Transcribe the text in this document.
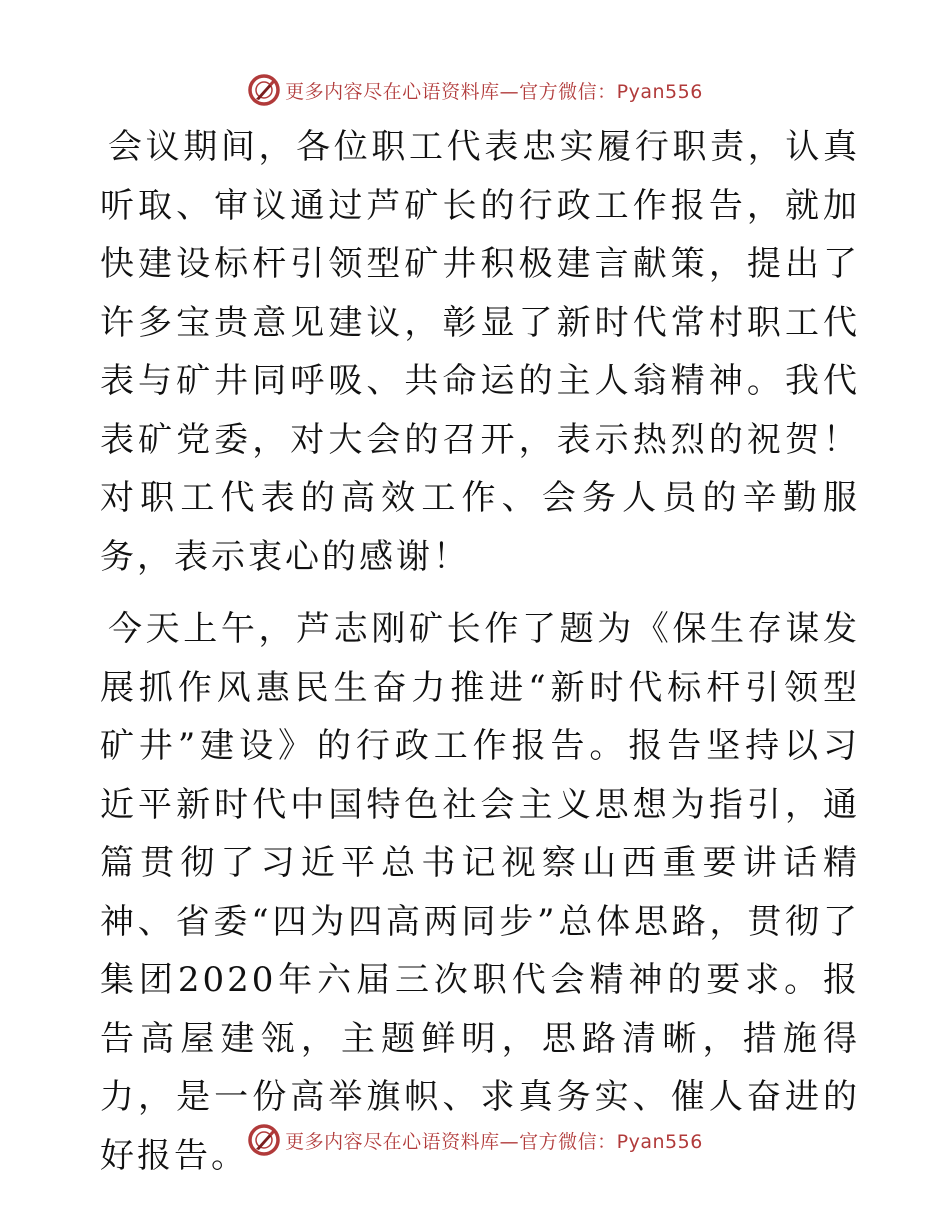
更多内容尽在心语资料库—官方微信：Pyan556

会议期间，各位职工代表忠实履行职责，认真听取、审议通过芦矿长的行政工作报告，就加快建设标杆引领型矿井积极建言献策，提出了许多宝贵意见建议，彰显了新时代常村职工代表与矿井同呼吸、共命运的主人翁精神。我代表矿党委，对大会的召开，表示热烈的祝贺！对职工代表的高效工作、会务人员的辛勤服务，表示衷心的感谢！

今天上午，芦志刚矿长作了题为《保生存谋发展抓作风惠民生奋力推进“新时代标杆引领型矿井”建设》的行政工作报告。报告坚持以习近平新时代中国特色社会主义思想为指引，通篇贯彻了习近平总书记视察山西重要讲话精神、省委“四为四高两同步”总体思路，贯彻了集团2020年六届三次职代会精神的要求。报告高屋建瓴，主题鲜明，思路清晰，措施得力，是一份高举旗帜、求真务实、催人奋进的好报告。	更多内容尽在心语资料库—官方微信：Pyan556
